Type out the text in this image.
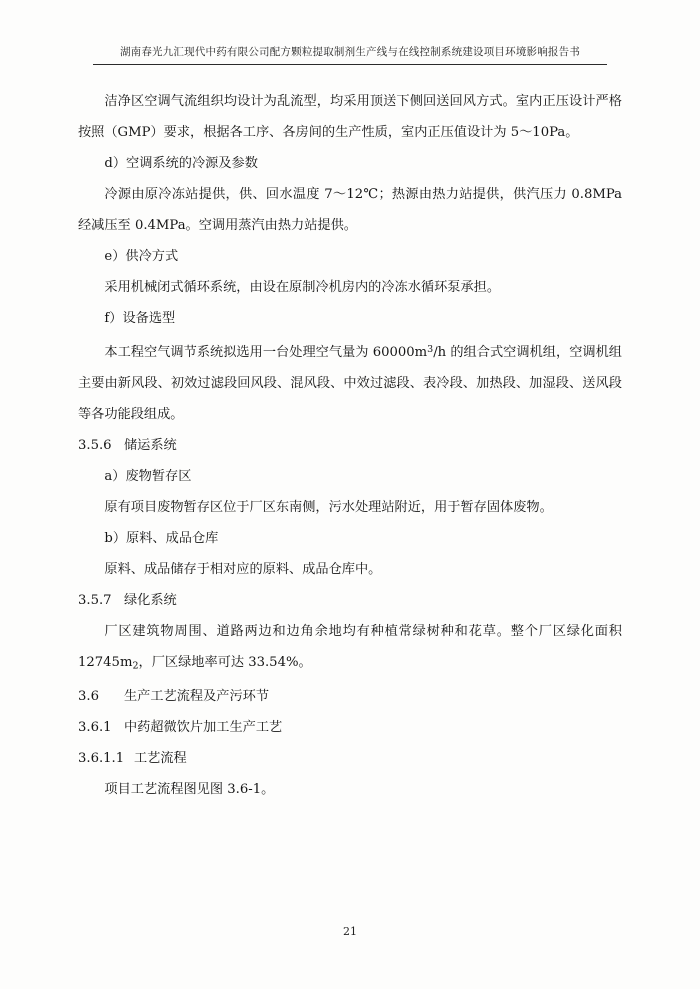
湖南春光九汇现代中药有限公司配方颗粒提取制剂生产线与在线控制系统建设项目环境影响报告书

洁净区空调气流组织均设计为乱流型，均采用顶送下侧回送回风方式。室内正压设计严格按照（GMP）要求，根据各工序、各房间的生产性质，室内正压值设计为 5～10Pa。

d）空调系统的冷源及参数

冷源由原冷冻站提供，供、回水温度 7～12℃；热源由热力站提供，供汽压力 0.8MPa 经减压至 0.4MPa。空调用蒸汽由热力站提供。

e）供冷方式

采用机械闭式循环系统，由设在原制冷机房内的冷冻水循环泵承担。

f）设备选型

本工程空气调节系统拟选用一台处理空气量为 $60000m^3/h$ 的组合式空调机组，空调机组主要由新风段、初效过滤段回风段、混风段、中效过滤段、表冷段、加热段、加湿段、送风段等各功能段组成。

3.5.6 储运系统

a）废物暂存区

原有项目废物暂存区位于厂区东南侧，污水处理站附近，用于暂存固体废物。

b）原料、成品仓库

原料、成品储存于相对应的原料、成品仓库中。

3.5.7 绿化系统

厂区建筑物周围、道路两边和边角余地均有种植常绿树种和花草。整个厂区绿化面积 $12745m_2$，厂区绿地率可达 33.54%。

3.6 生产工艺流程及产污环节

3.6.1 中药超微饮片加工生产工艺

3.6.1.1 工艺流程

项目工艺流程图见图 3.6-1。

21
